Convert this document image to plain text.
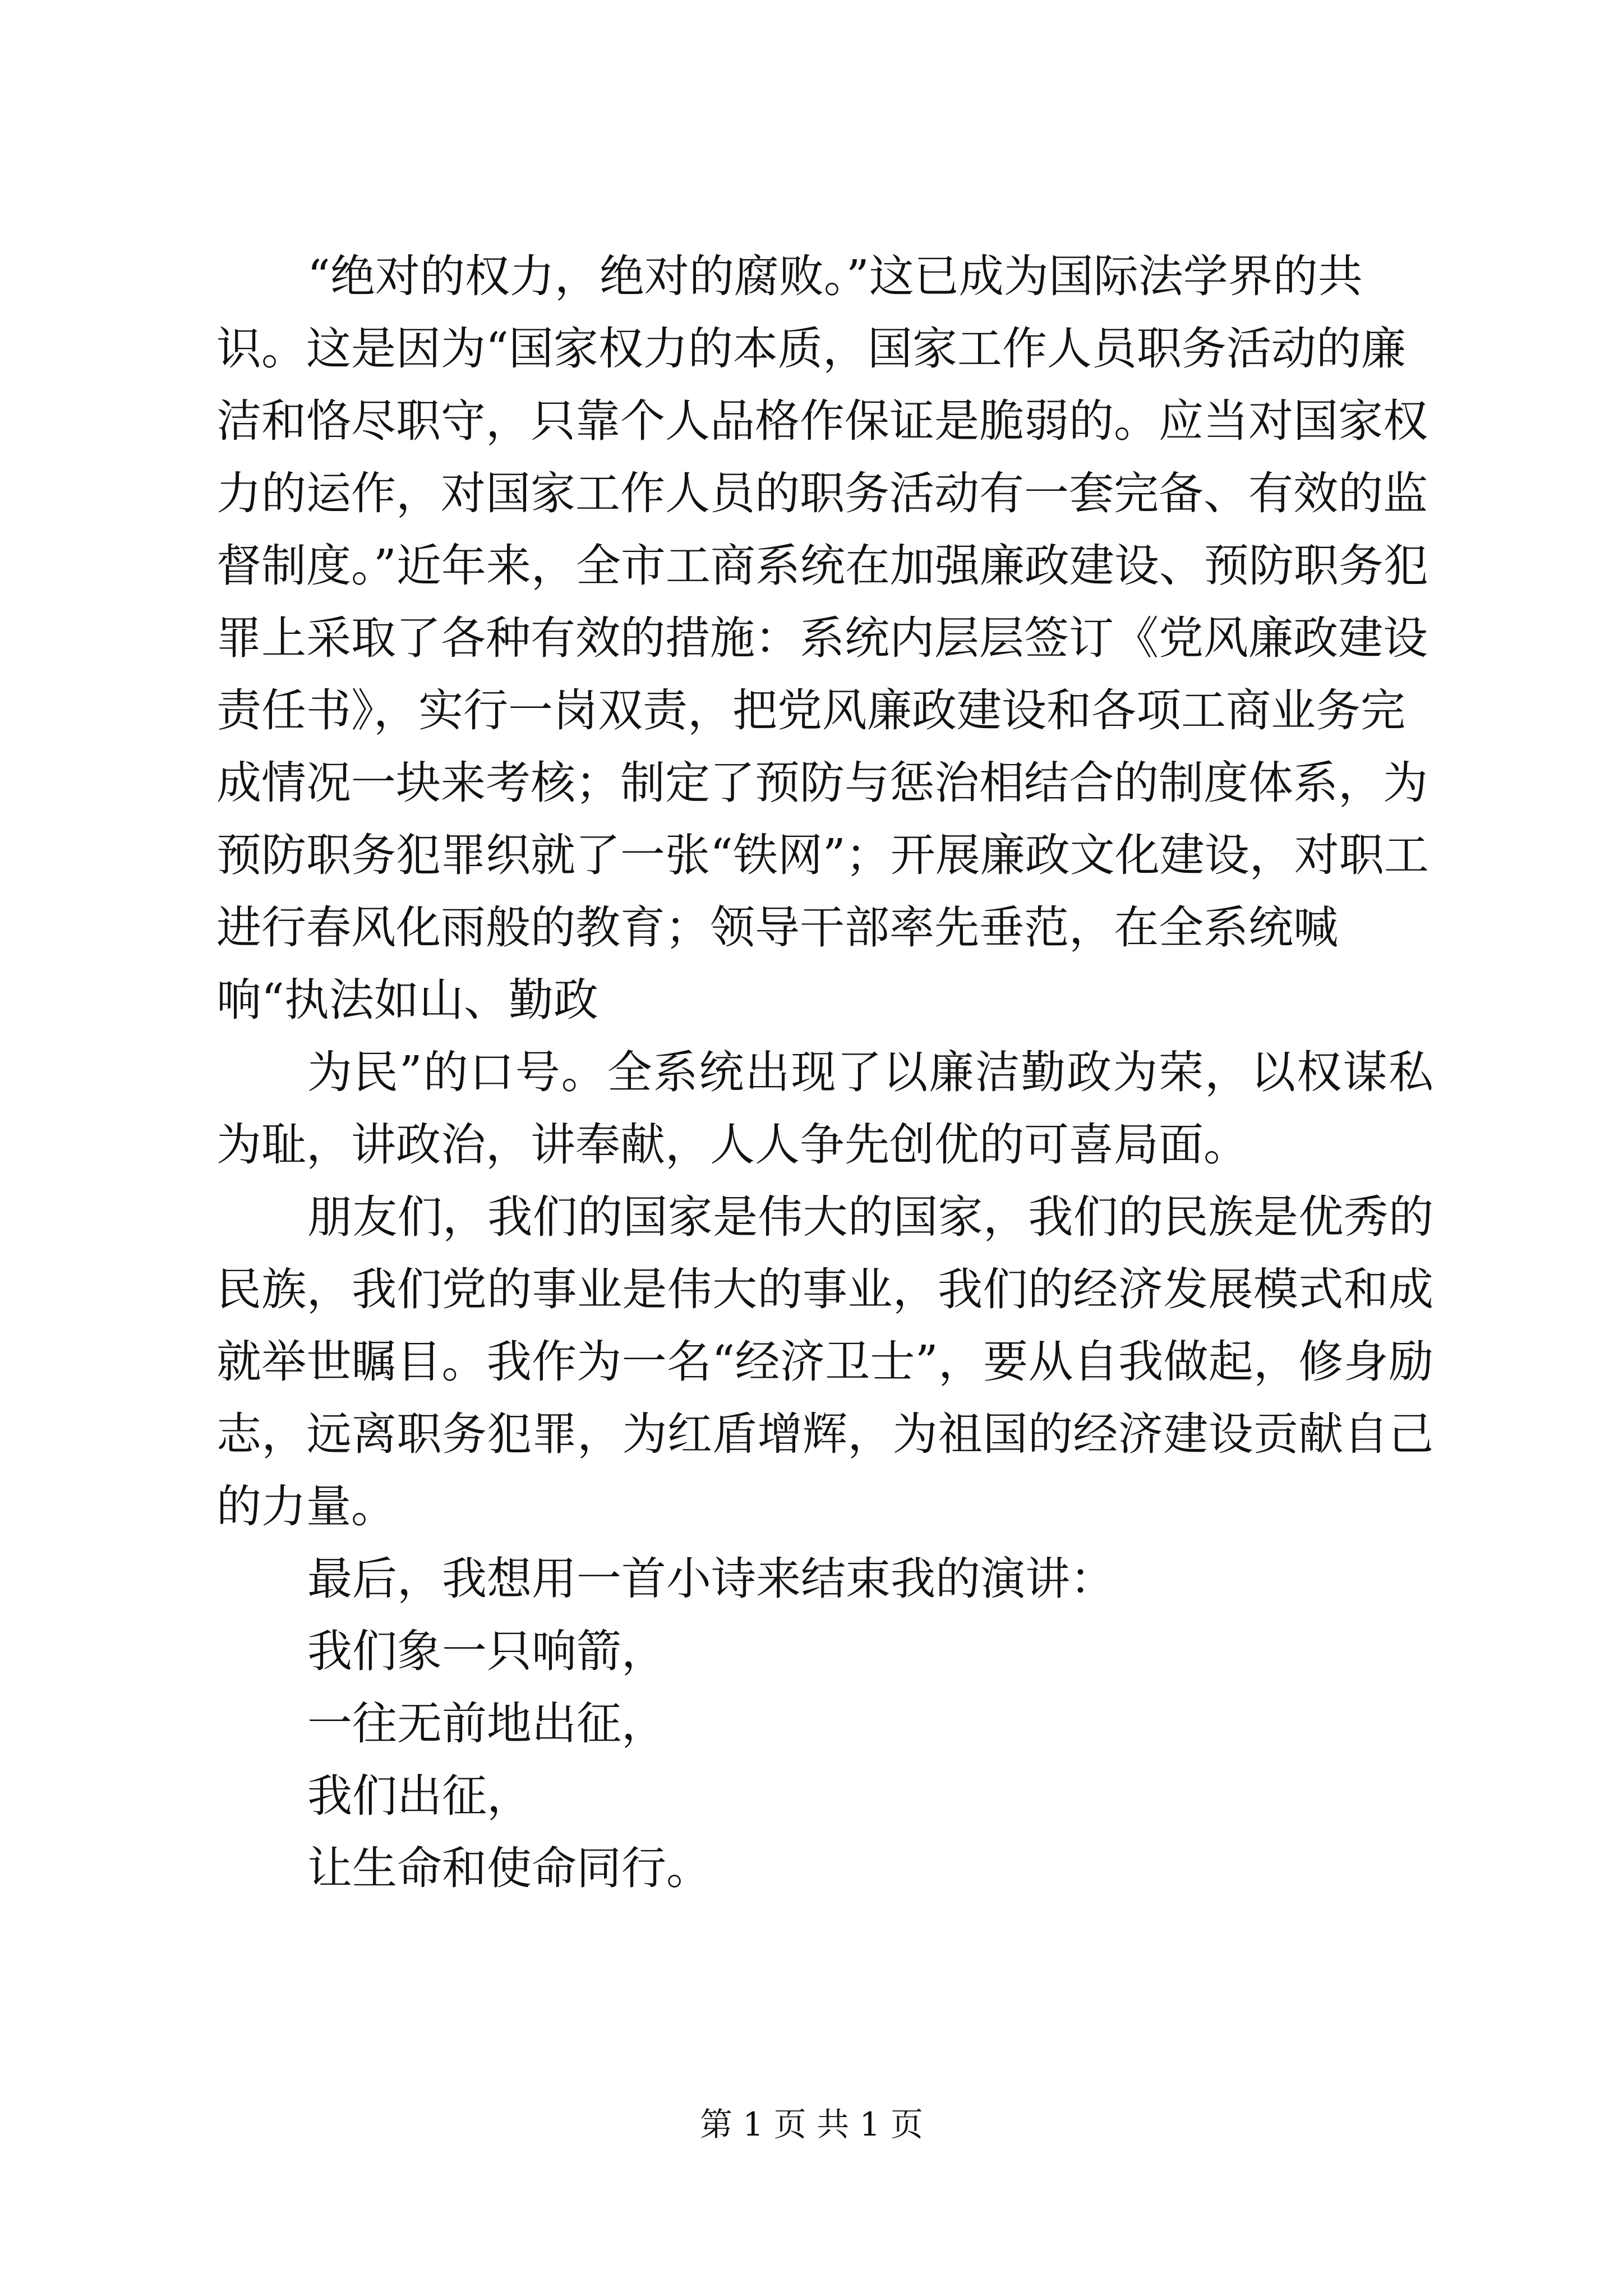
“绝对的权力，绝对的腐败。”这已成为国际法学界的共识。这是因为“国家权力的本质，国家工作人员职务活动的廉洁和恪尽职守，只靠个人品格作保证是脆弱的。应当对国家权力的运作，对国家工作人员的职务活动有一套完备、有效的监督制度。”近年来，全市工商系统在加强廉政建设、预防职务犯罪上采取了各种有效的措施：系统内层层签订《党风廉政建设责任书》，实行一岗双责，把党风廉政建设和各项工商业务完成情况一块来考核；制定了预防与惩治相结合的制度体系，为预防职务犯罪织就了一张“铁网”；开展廉政文化建设，对职工进行春风化雨般的教育；领导干部率先垂范，在全系统喊响“执法如山、勤政

为民”的口号。全系统出现了以廉洁勤政为荣，以权谋私为耻，讲政治，讲奉献，人人争先创优的可喜局面。

朋友们，我们的国家是伟大的国家，我们的民族是优秀的民族，我们党的事业是伟大的事业，我们的经济发展模式和成就举世瞩目。我作为一名“经济卫士”，要从自我做起，修身励志，远离职务犯罪，为红盾增辉，为祖国的经济建设贡献自己的力量。

最后，我想用一首小诗来结束我的演讲：

我们象一只响箭，

一往无前地出征，

我们出征，

让生命和使命同行。

第 1 页 共 1 页
